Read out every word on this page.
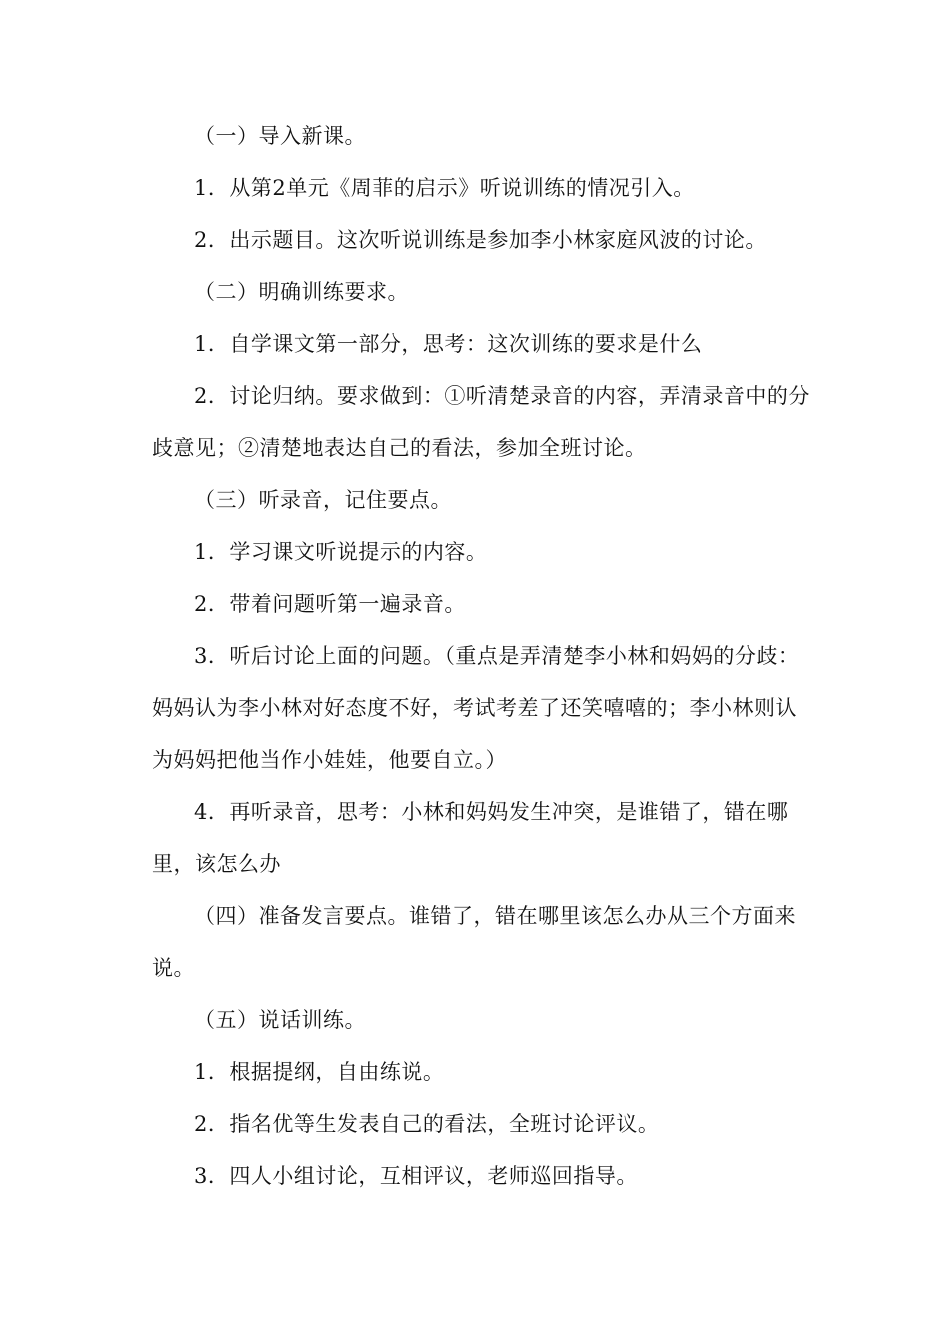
（一）导入新课。

1．从第2单元《周菲的启示》听说训练的情况引入。

2．出示题目。这次听说训练是参加李小林家庭风波的讨论。

（二）明确训练要求。

1．自学课文第一部分，思考：这次训练的要求是什么

2．讨论归纳。要求做到：①听清楚录音的内容，弄清录音中的分歧意见；②清楚地表达自己的看法，参加全班讨论。

（三）听录音，记住要点。

1．学习课文听说提示的内容。

2．带着问题听第一遍录音。

3．听后讨论上面的问题。（重点是弄清楚李小林和妈妈的分歧：妈妈认为李小林对好态度不好，考试考差了还笑嘻嘻的；李小林则认为妈妈把他当作小娃娃，他要自立。）

4．再听录音，思考：小林和妈妈发生冲突，是谁错了，错在哪里，该怎么办

（四）准备发言要点。谁错了，错在哪里该怎么办从三个方面来说。

（五）说话训练。

1．根据提纲，自由练说。

2．指名优等生发表自己的看法，全班讨论评议。

3．四人小组讨论，互相评议，老师巡回指导。
